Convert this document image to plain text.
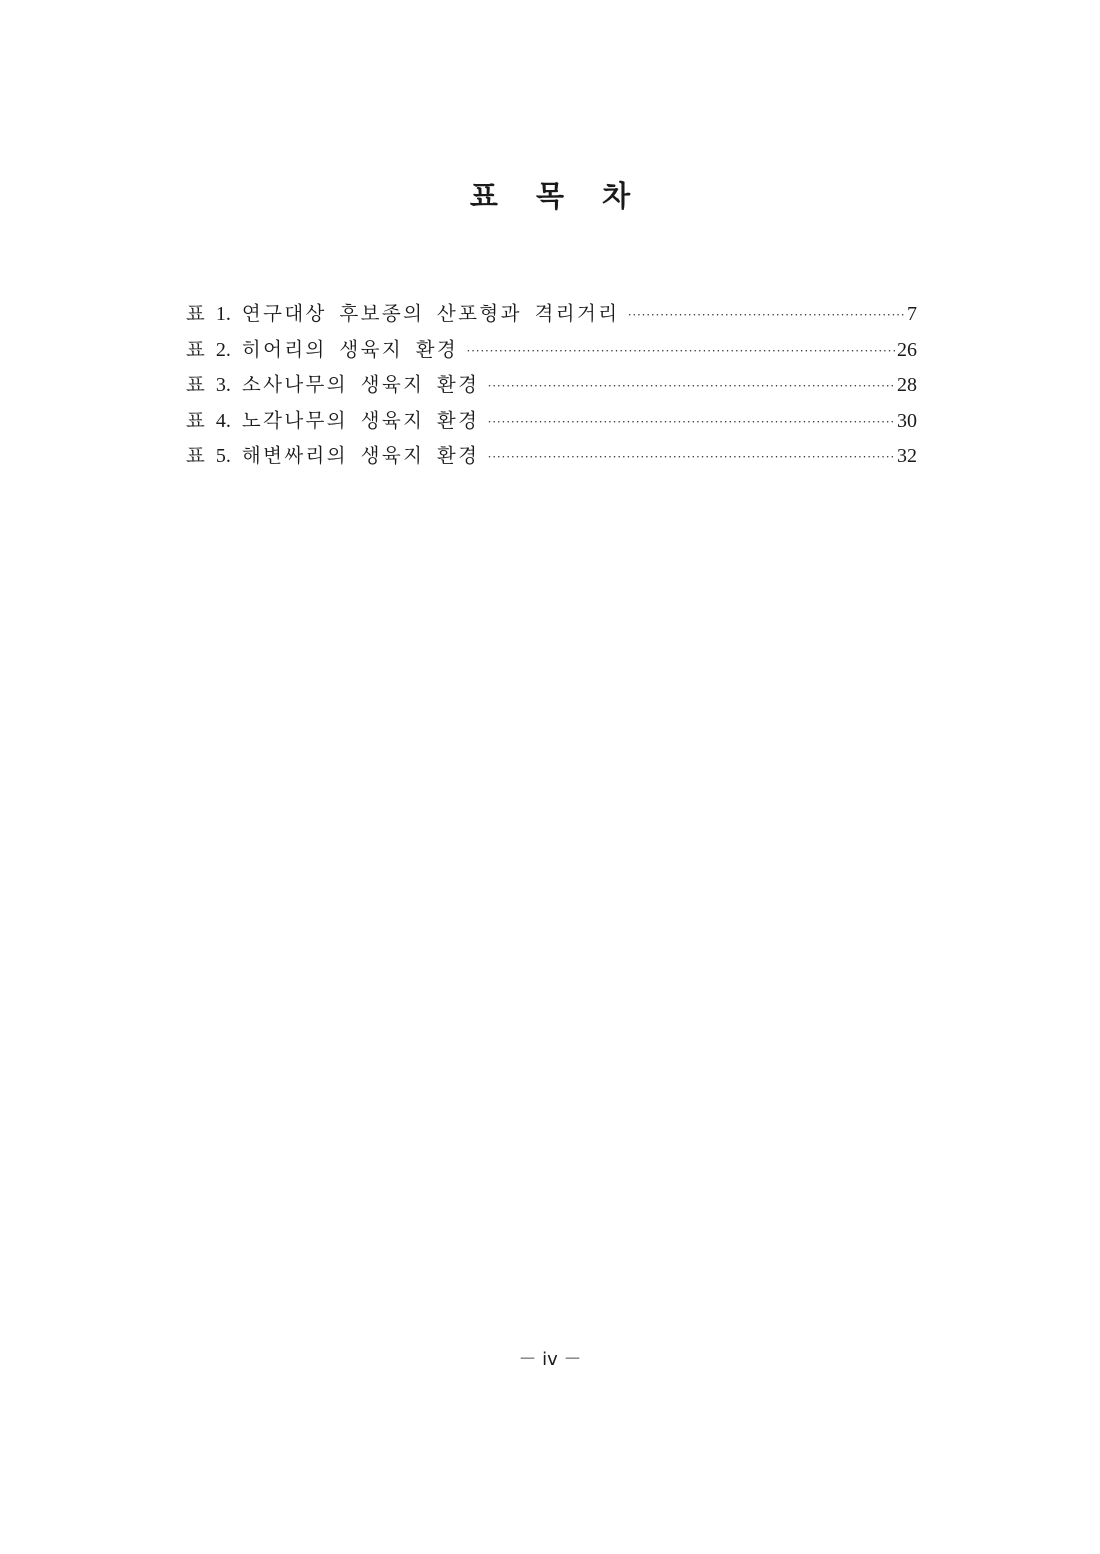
표 목 차
표 1. 연구대상 후보종의 산포형과 격리거리 ·····	7
표 2. 히어리의 생육지 환경 ·····	26
표 3. 소사나무의 생육지 환경 ·····	28
표 4. 노각나무의 생육지 환경 ·····	30
표 5. 해변싸리의 생육지 환경 ·····	32

－ iv －
